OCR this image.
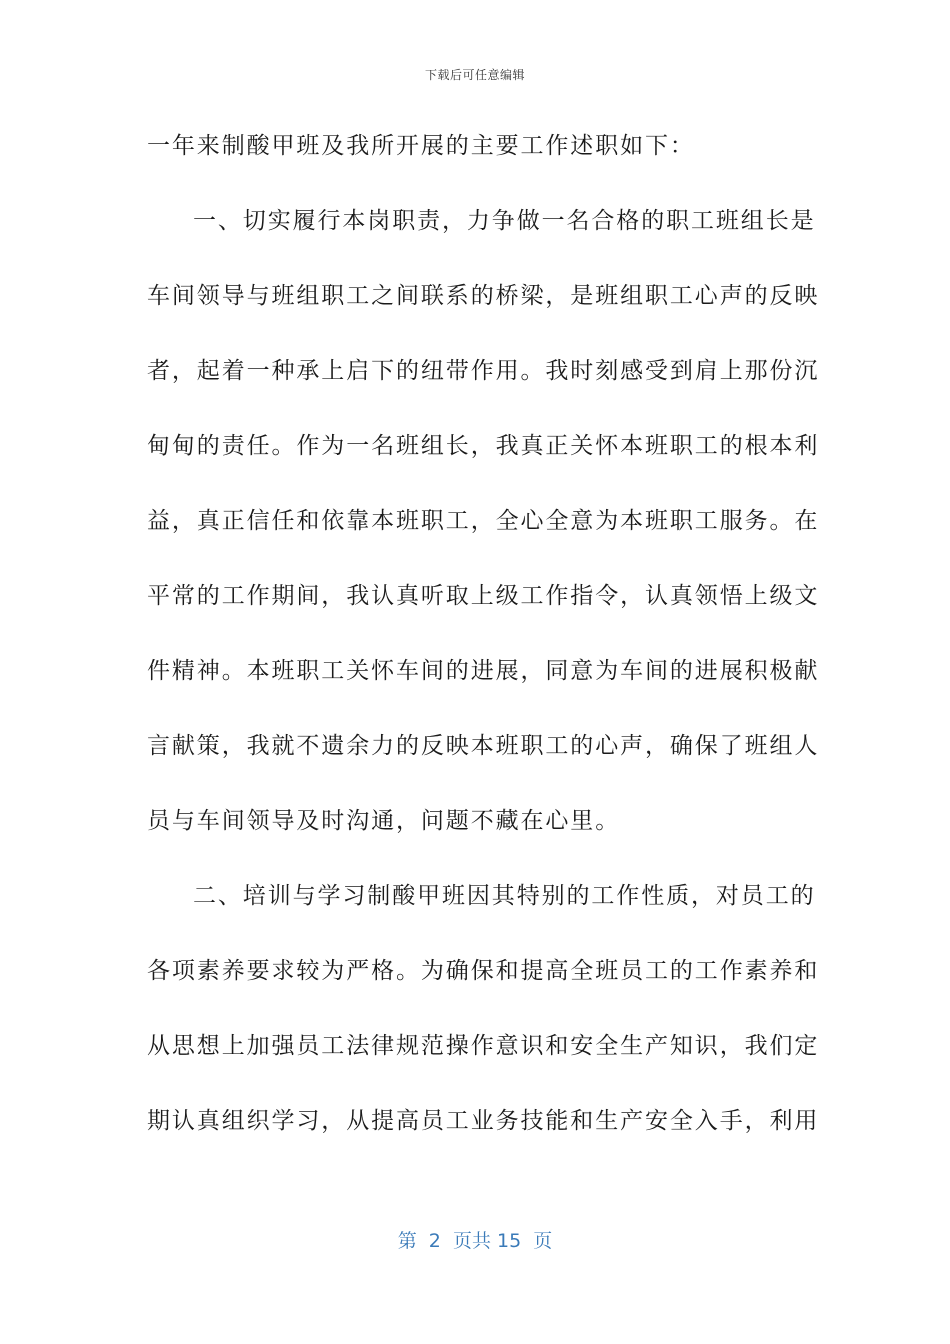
下载后可任意编辑
一年来制酸甲班及我所开展的主要工作述职如下：
一、切实履行本岗职责，力争做一名合格的职工班组长是
车间领导与班组职工之间联系的桥梁，是班组职工心声的反映
者，起着一种承上启下的纽带作用。我时刻感受到肩上那份沉
甸甸的责任。作为一名班组长，我真正关怀本班职工的根本利
益，真正信任和依靠本班职工，全心全意为本班职工服务。在
平常的工作期间，我认真听取上级工作指令，认真领悟上级文
件精神。本班职工关怀车间的进展，同意为车间的进展积极献
言献策，我就不遗余力的反映本班职工的心声，确保了班组人
员与车间领导及时沟通，问题不藏在心里。
二、培训与学习制酸甲班因其特别的工作性质，对员工的
各项素养要求较为严格。为确保和提高全班员工的工作素养和
从思想上加强员工法律规范操作意识和安全生产知识，我们定
期认真组织学习，从提高员工业务技能和生产安全入手，利用
第  2  页共 15  页
